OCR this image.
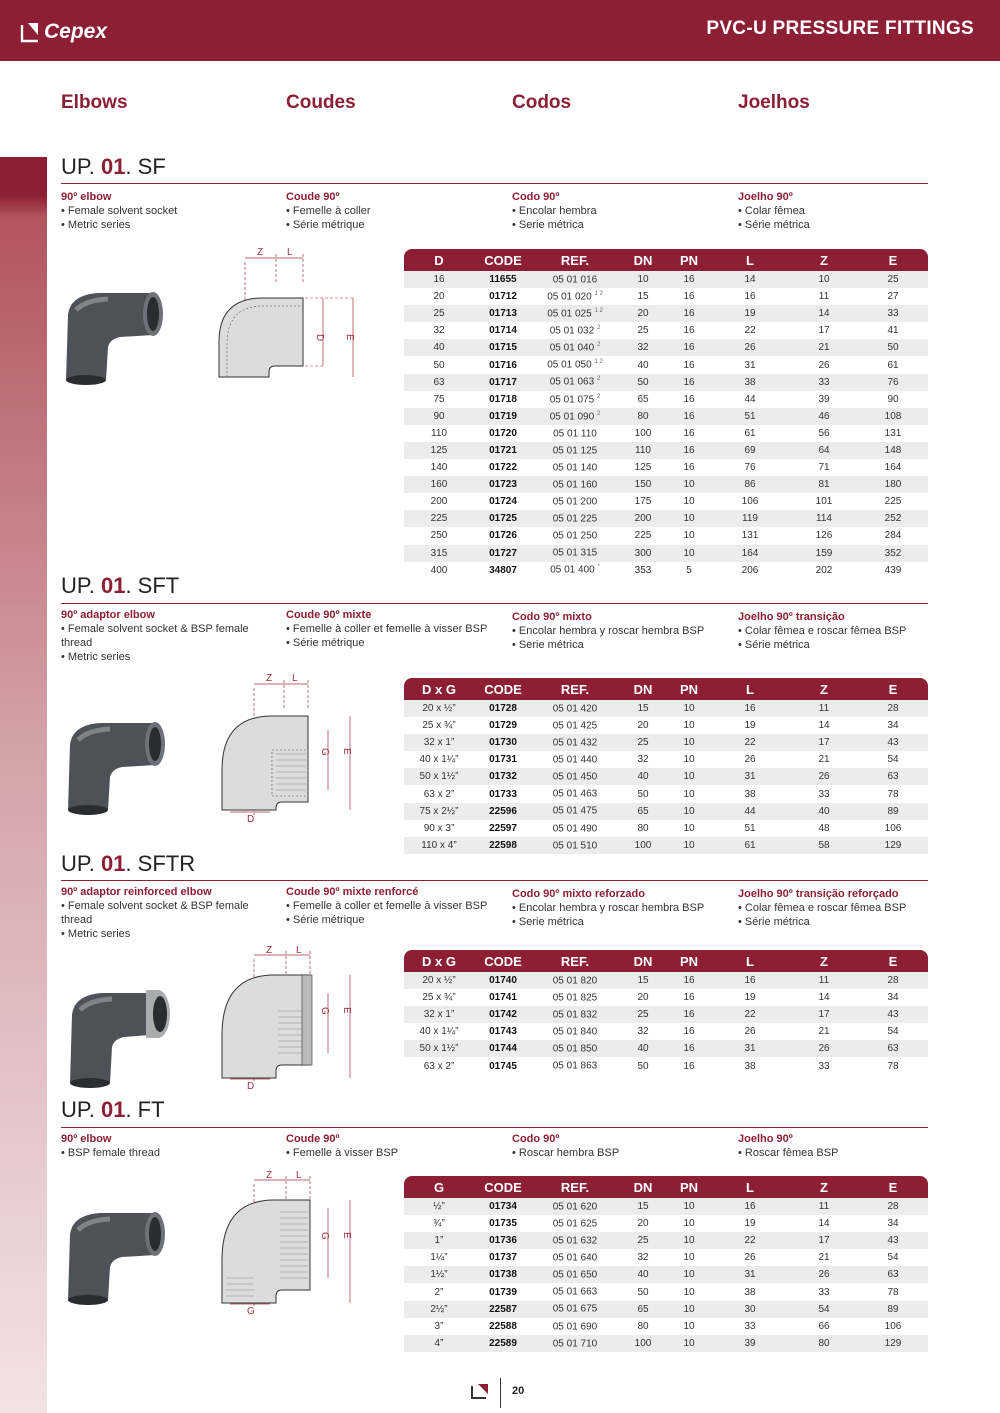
Cepex	PVC-U PRESSURE FITTINGS
Elbows	Coudes	Codos	Joelhos
UP. 01. SF
90º elbow
• Female solvent socket
• Metric series
Coude 90º
• Femelle à coller
• Série métrique
Codo 90º
• Encolar hembra
• Serie métrica
Joelho 90º
• Colar fêmea
• Série métrica
Z L
D E
D	CODE	REF.	DN	PN	L	Z	E
16	11655	05 01 016	10	16	14	10	25
20	01712	05 01 020 $^{1 2}$	15	16	16	11	27
25	01713	05 01 025 $^{1 2}$	20	16	19	14	33
32	01714	05 01 032 $^2$	25	16	22	17	41
40	01715	05 01 040 $^2$	32	16	26	21	50
50	01716	05 01 050 $^{1 2}$	40	16	31	26	61
63	01717	05 01 063 $^2$	50	16	38	33	76
75	01718	05 01 075 $^2$	65	16	44	39	90
90	01719	05 01 090 $^2$	80	16	51	46	108
110	01720	05 01 110	100	16	61	56	131
125	01721	05 01 125	110	16	69	64	148
140	01722	05 01 140	125	16	76	71	164
160	01723	05 01 160	150	10	86	81	180
200	01724	05 01 200	175	10	106	101	225
225	01725	05 01 225	200	10	119	114	252
250	01726	05 01 250	225	10	131	126	284
315	01727	05 01 315	300	10	164	159	352
400	34807	05 01 400 *	353	5	206	202	439
UP. 01. SFT
90º adaptor elbow
• Female solvent socket & BSP female thread
• Metric series
Coude 90º mixte
• Femelle à coller et femelle à visser BSP
• Série métrique
Codo 90º mixto
• Encolar hembra y roscar hembra BSP
• Serie métrica
Joelho 90º transição
• Colar fêmea e roscar fêmea BSP
• Série métrica
Z L
G E
D
D x G	CODE	REF.	DN	PN	L	Z	E
20 x ½”	01728	05 01 420	15	10	16	11	28
25 x ¾”	01729	05 01 425	20	10	19	14	34
32 x 1”	01730	05 01 432	25	10	22	17	43
40 x 1¼”	01731	05 01 440	32	10	26	21	54
50 x 1½”	01732	05 01 450	40	10	31	26	63
63 x 2”	01733	05 01 463	50	10	38	33	78
75 x 2½”	22596	05 01 475	65	10	44	40	89
90 x 3”	22597	05 01 490	80	10	51	48	106
110 x 4”	22598	05 01 510	100	10	61	58	129
UP. 01. SFTR
90º adaptor reinforced elbow
• Female solvent socket & BSP female thread
• Metric series
Coude 90º mixte renforcé
• Femelle à coller et femelle à visser BSP
• Série métrique
Codo 90º mixto reforzado
• Encolar hembra y roscar hembra BSP
• Serie métrica
Joelho 90º transição reforçado
• Colar fêmea e roscar fêmea BSP
• Série métrica
Z L
G E
D
D x G	CODE	REF.	DN	PN	L	Z	E
20 x ½”	01740	05 01 820	15	16	16	11	28
25 x ¾”	01741	05 01 825	20	16	19	14	34
32 x 1”	01742	05 01 832	25	16	22	17	43
40 x 1¼”	01743	05 01 840	32	16	26	21	54
50 x 1½”	01744	05 01 850	40	16	31	26	63
63 x 2”	01745	05 01 863	50	16	38	33	78
UP. 01. FT
90º elbow
• BSP female thread
Coude 90º
• Femelle à visser BSP
Codo 90º
• Roscar hembra BSP
Joelho 90º
• Roscar fêmea BSP
Z L
G E
G
G	CODE	REF.	DN	PN	L	Z	E
½”	01734	05 01 620	15	10	16	11	28
¾”	01735	05 01 625	20	10	19	14	34
1”	01736	05 01 632	25	10	22	17	43
1¼”	01737	05 01 640	32	10	26	21	54
1½”	01738	05 01 650	40	10	31	26	63
2”	01739	05 01 663	50	10	38	33	78
2½”	22587	05 01 675	65	10	30	54	89
3”	22588	05 01 690	80	10	33	66	106
4”	22589	05 01 710	100	10	39	80	129
20
